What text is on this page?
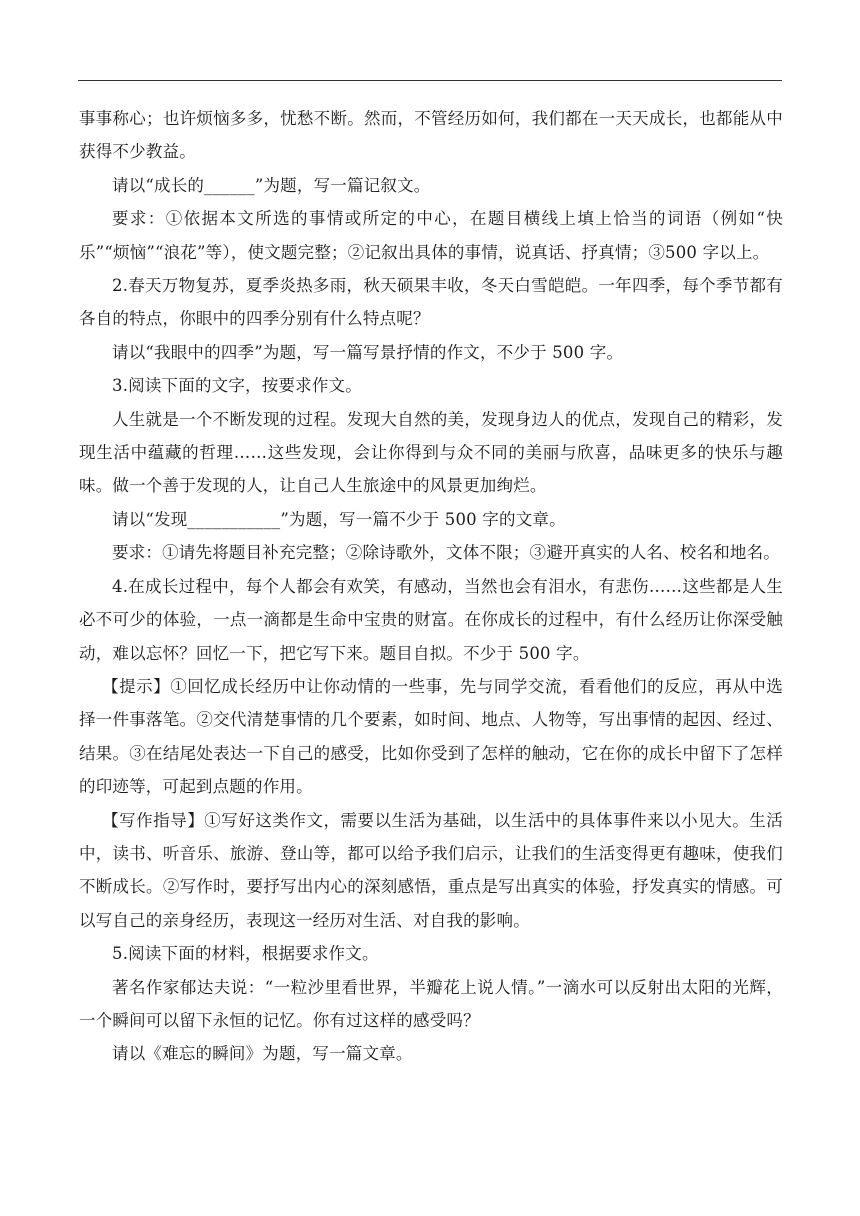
事事称心；也许烦恼多多，忧愁不断。然而，不管经历如何，我们都在一天天成长，也都能从中获得不少教益。

请以“成长的______”为题，写一篇记叙文。

要求：①依据本文所选的事情或所定的中心，在题目横线上填上恰当的词语（例如“快乐”“烦恼”“浪花”等），使文题完整；②记叙出具体的事情，说真话、抒真情；③500 字以上。

2.春天万物复苏，夏季炎热多雨，秋天硕果丰收，冬天白雪皑皑。一年四季，每个季节都有各自的特点，你眼中的四季分别有什么特点呢？

请以“我眼中的四季”为题，写一篇写景抒情的作文，不少于 500 字。

3.阅读下面的文字，按要求作文。

人生就是一个不断发现的过程。发现大自然的美，发现身边人的优点，发现自己的精彩，发现生活中蕴藏的哲理……这些发现，会让你得到与众不同的美丽与欣喜，品味更多的快乐与趣味。做一个善于发现的人，让自己人生旅途中的风景更加绚烂。

请以“发现___________”为题，写一篇不少于 500 字的文章。

要求：①请先将题目补充完整；②除诗歌外，文体不限；③避开真实的人名、校名和地名。

4.在成长过程中，每个人都会有欢笑，有感动，当然也会有泪水，有悲伤……这些都是人生必不可少的体验，一点一滴都是生命中宝贵的财富。在你成长的过程中，有什么经历让你深受触动，难以忘怀？回忆一下，把它写下来。题目自拟。不少于 500 字。

【提示】①回忆成长经历中让你动情的一些事，先与同学交流，看看他们的反应，再从中选择一件事落笔。②交代清楚事情的几个要素，如时间、地点、人物等，写出事情的起因、经过、结果。③在结尾处表达一下自己的感受，比如你受到了怎样的触动，它在你的成长中留下了怎样的印迹等，可起到点题的作用。

【写作指导】①写好这类作文，需要以生活为基础，以生活中的具体事件来以小见大。生活中，读书、听音乐、旅游、登山等，都可以给予我们启示，让我们的生活变得更有趣味，使我们不断成长。②写作时，要抒写出内心的深刻感悟，重点是写出真实的体验，抒发真实的情感。可以写自己的亲身经历，表现这一经历对生活、对自我的影响。

5.阅读下面的材料，根据要求作文。

著名作家郁达夫说：“一粒沙里看世界，半瓣花上说人情。”一滴水可以反射出太阳的光辉，一个瞬间可以留下永恒的记忆。你有过这样的感受吗？

请以《难忘的瞬间》为题，写一篇文章。
